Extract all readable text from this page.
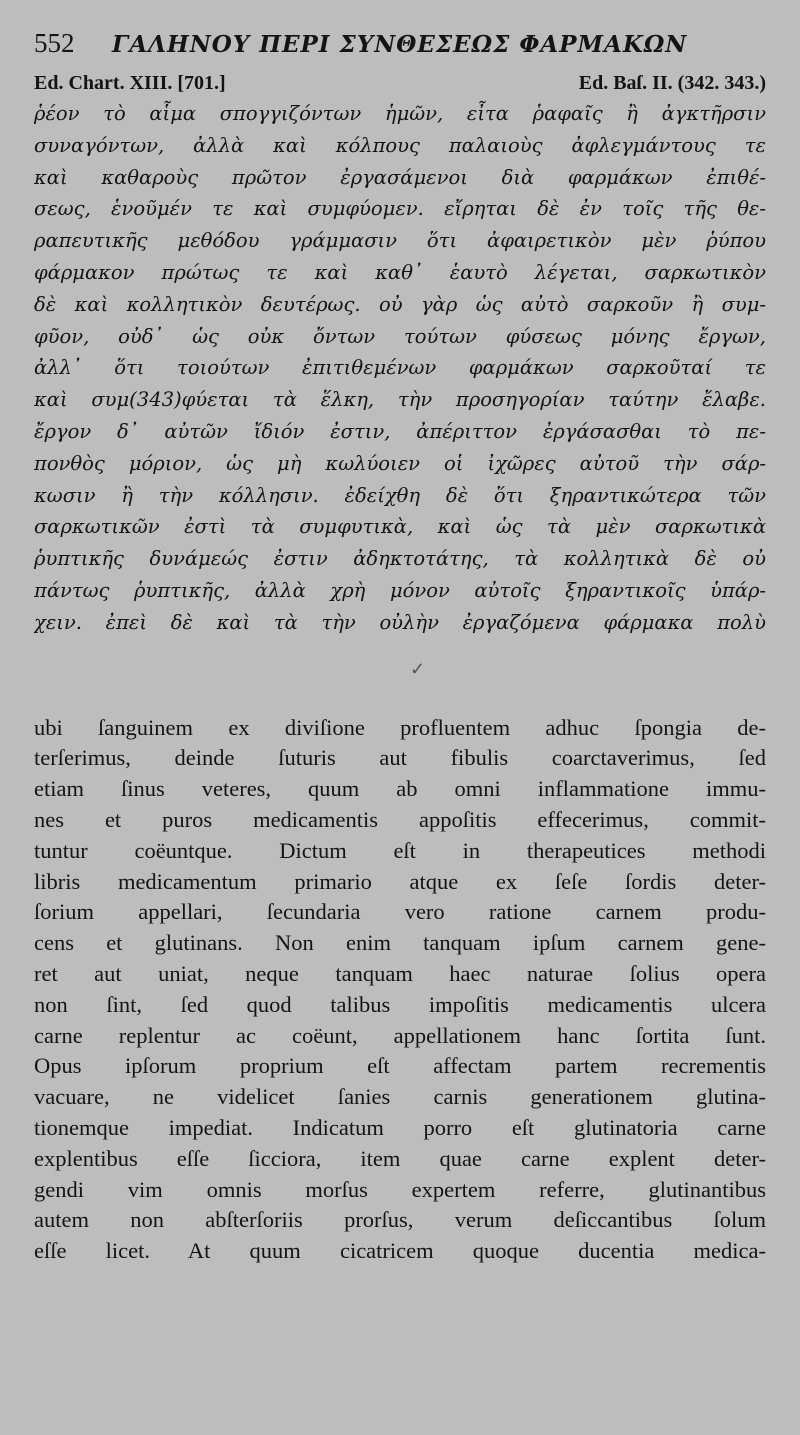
552	ΓΑΛΗΝΟΥ ΠΕΡΙ ΣΥΝΘΕΣΕΩΣ ΦΑΡΜΑΚΩΝ
Ed. Chart. XIII. [701.]	Ed. Baſ. II. (342. 343.)
ῥέον τὸ αἷμα σπογγιζόντων ἡμῶν, εἶτα ῥαφαῖς ἢ ἀγκτῆρσιν
συναγόντων, ἀλλὰ καὶ κόλπους παλαιοὺς ἀφλεγμάντους τε
καὶ καθαροὺς πρῶτον ἐργασάμενοι διὰ φαρμάκων ἐπιθέ-
σεως, ἑνοῦμέν τε καὶ συμφύομεν. εἴρηται δὲ ἐν τοῖς τῆς θε-
ραπευτικῆς μεθόδου γράμμασιν ὅτι ἀφαιρετικὸν μὲν ῥύπου
φάρμακον πρώτως τε καὶ καθ᾽ ἑαυτὸ λέγεται, σαρκωτικὸν
δὲ καὶ κολλητικὸν δευτέρως. οὐ γὰρ ὡς αὐτὸ σαρκοῦν ἢ συμ-
φῦον, οὐδ᾽ ὡς οὐκ ὄντων τούτων φύσεως μόνης ἔργων,
ἀλλ᾽ ὅτι τοιούτων ἐπιτιθεμένων φαρμάκων σαρκοῦταί τε
καὶ συμ(343)φύεται τὰ ἕλκη, τὴν προσηγορίαν ταύτην ἔλαβε.
ἔργον δ᾽ αὐτῶν ἴδιόν ἐστιν, ἀπέριττον ἐργάσασθαι τὸ πε-
πονθὸς μόριον, ὡς μὴ κωλύοιεν οἱ ἰχῶρες αὐτοῦ τὴν σάρ-
κωσιν ἢ τὴν κόλλησιν. ἐδείχθη δὲ ὅτι ξηραντικώτερα τῶν
σαρκωτικῶν ἐστὶ τὰ συμφυτικὰ, καὶ ὡς τὰ μὲν σαρκωτικὰ
ῥυπτικῆς δυνάμεώς ἐστιν ἀδηκτοτάτης, τὰ κολλητικὰ δὲ οὐ
πάντως ῥυπτικῆς, ἀλλὰ χρὴ μόνον αὐτοῖς ξηραντικοῖς ὑπάρ-
χειν. ἐπεὶ δὲ καὶ τὰ τὴν οὐλὴν ἐργαζόμενα φάρμακα πολὺ
✓
ubi ſanguinem ex diviſione profluentem adhuc ſpongia de-
terſerimus, deinde ſuturis aut fibulis coarctaverimus, ſed
etiam ſinus veteres, quum ab omni inflammatione immu-
nes et puros medicamentis appoſitis effecerimus, commit-
tuntur coëuntque. Dictum eſt in therapeutices methodi
libris medicamentum primario atque ex ſeſe ſordis deter-
ſorium appellari, ſecundaria vero ratione carnem produ-
cens et glutinans. Non enim tanquam ipſum carnem gene-
ret aut uniat, neque tanquam haec naturae ſolius opera
non ſint, ſed quod talibus impoſitis medicamentis ulcera
carne replentur ac coëunt, appellationem hanc ſortita ſunt.
Opus ipſorum proprium eſt affectam partem recrementis
vacuare, ne videlicet ſanies carnis generationem glutina-
tionemque impediat. Indicatum porro eſt glutinatoria carne
explentibus eſſe ſicciora, item quae carne explent deter-
gendi vim omnis morſus expertem referre, glutinantibus
autem non abſterſoriis prorſus, verum deſiccantibus ſolum
eſſe licet. At quum cicatricem quoque ducentia medica-
